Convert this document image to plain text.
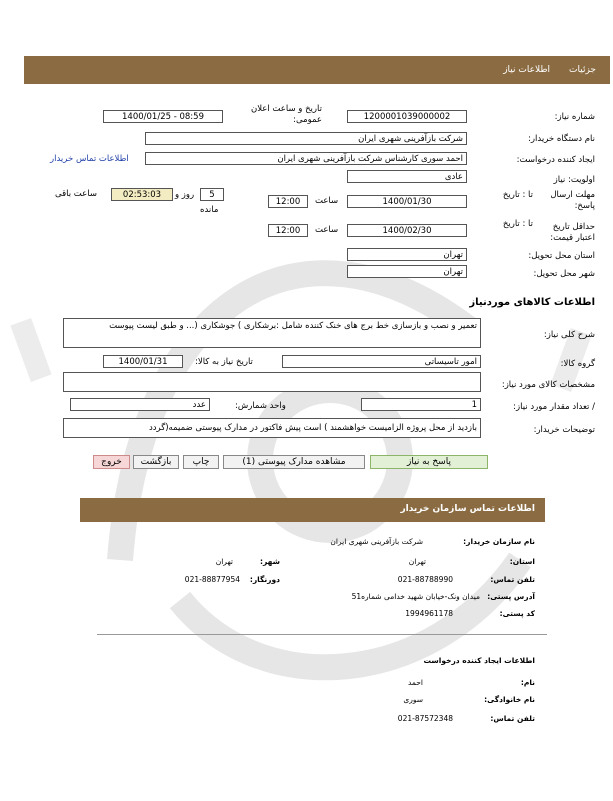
اطلاعات نیاز جزئیات
شماره نیاز:
1200001039000002
تاریخ و ساعت اعلان عمومی:
1400/01/25 - 08:59
نام دستگاه خریدار:
شرکت بازآفرینی شهری ایران
ایجاد کننده درخواست:
احمد سوری کارشناس شرکت بازآفرینی شهری ایران
اطلاعات تماس خریدار
اولویت: نیاز
عادی
مهلت ارسال پاسخ:
تا : تاریخ
1400/01/30
ساعت
12:00
روز و	5
02:53:03
ساعت باقی
مانده
حداقل تاریخ اعتبار قیمت:
تا : تاریخ
1400/02/30
ساعت
12:00
استان محل تحویل:
تهران
شهر محل تحویل:
تهران
اطلاعات کالاهای موردنیاز
شرح کلی نیاز:
تعمیر و نصب و بازسازی خط برج های خنک کننده شامل :برشکاری ) جوشکاری (... و طبق لیست پیوست
گروه کالا:
امور تاسیساتی
تاریخ نیاز به کالا:
1400/01/31
مشخصات کالای مورد نیاز:
/ تعداد مقدار مورد نیاز:
1
واحد شمارش:
عدد
توضیحات خریدار:
بازدید از محل پروژه الزامیست خواهشمند ) است پیش فاکتور در مدارک پیوستی ضمیمه(گردد
پاسخ به نیاز
مشاهده مدارک پیوستی (1)
چاپ
بازگشت
خروج
اطلاعات تماس سازمان خریدار
نام سازمان خریدار:
شرکت بازآفرینی شهری ایران
استان:
تهران
شهر:
تهران
تلفن تماس:
021-88788990
دورنگار:
021-88877954
آدرس پستی:
میدان ونک-خیابان شهید خدامی شماره51
کد پستی:
1994961178
اطلاعات ایجاد کننده درخواست
نام:
احمد
نام خانوادگی:
سوری
تلفن تماس:
021-87572348
